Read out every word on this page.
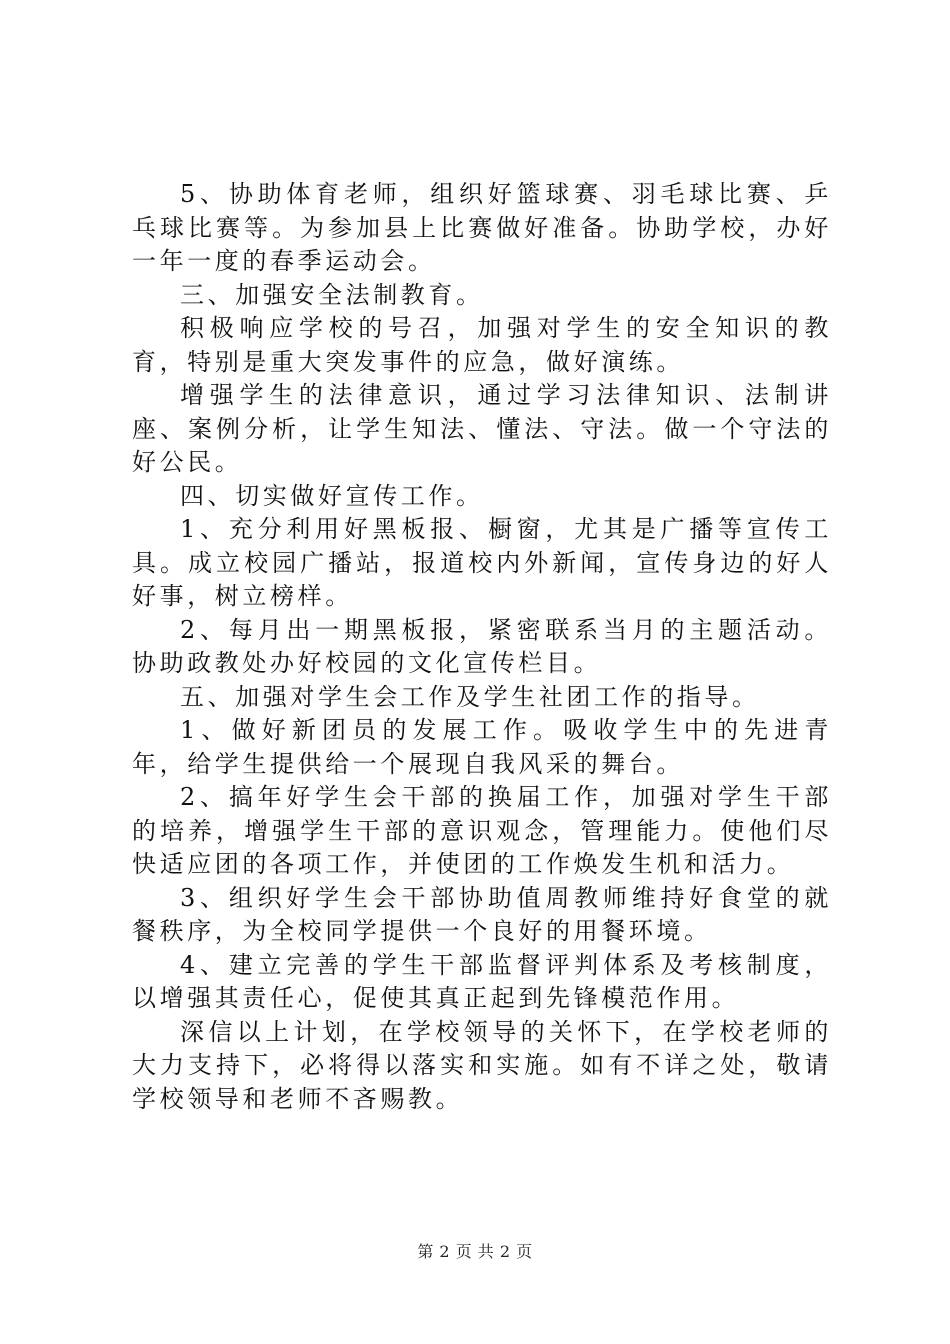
5、协助体育老师，组织好篮球赛、羽毛球比赛、乒乓球比赛等。为参加县上比赛做好准备。协助学校，办好一年一度的春季运动会。

三、加强安全法制教育。

积极响应学校的号召，加强对学生的安全知识的教育，特别是重大突发事件的应急，做好演练。

增强学生的法律意识，通过学习法律知识、法制讲座、案例分析，让学生知法、懂法、守法。做一个守法的好公民。

四、切实做好宣传工作。

1、充分利用好黑板报、橱窗，尤其是广播等宣传工具。成立校园广播站，报道校内外新闻，宣传身边的好人好事，树立榜样。

2、每月出一期黑板报，紧密联系当月的主题活动。协助政教处办好校园的文化宣传栏目。

五、加强对学生会工作及学生社团工作的指导。

1、做好新团员的发展工作。吸收学生中的先进青年，给学生提供给一个展现自我风采的舞台。

2、搞年好学生会干部的换届工作，加强对学生干部的培养，增强学生干部的意识观念，管理能力。使他们尽快适应团的各项工作，并使团的工作焕发生机和活力。

3、组织好学生会干部协助值周教师维持好食堂的就餐秩序，为全校同学提供一个良好的用餐环境。

4、建立完善的学生干部监督评判体系及考核制度，以增强其责任心，促使其真正起到先锋模范作用。

深信以上计划，在学校领导的关怀下，在学校老师的大力支持下，必将得以落实和实施。如有不详之处，敬请学校领导和老师不吝赐教。

第 2 页 共 2 页
